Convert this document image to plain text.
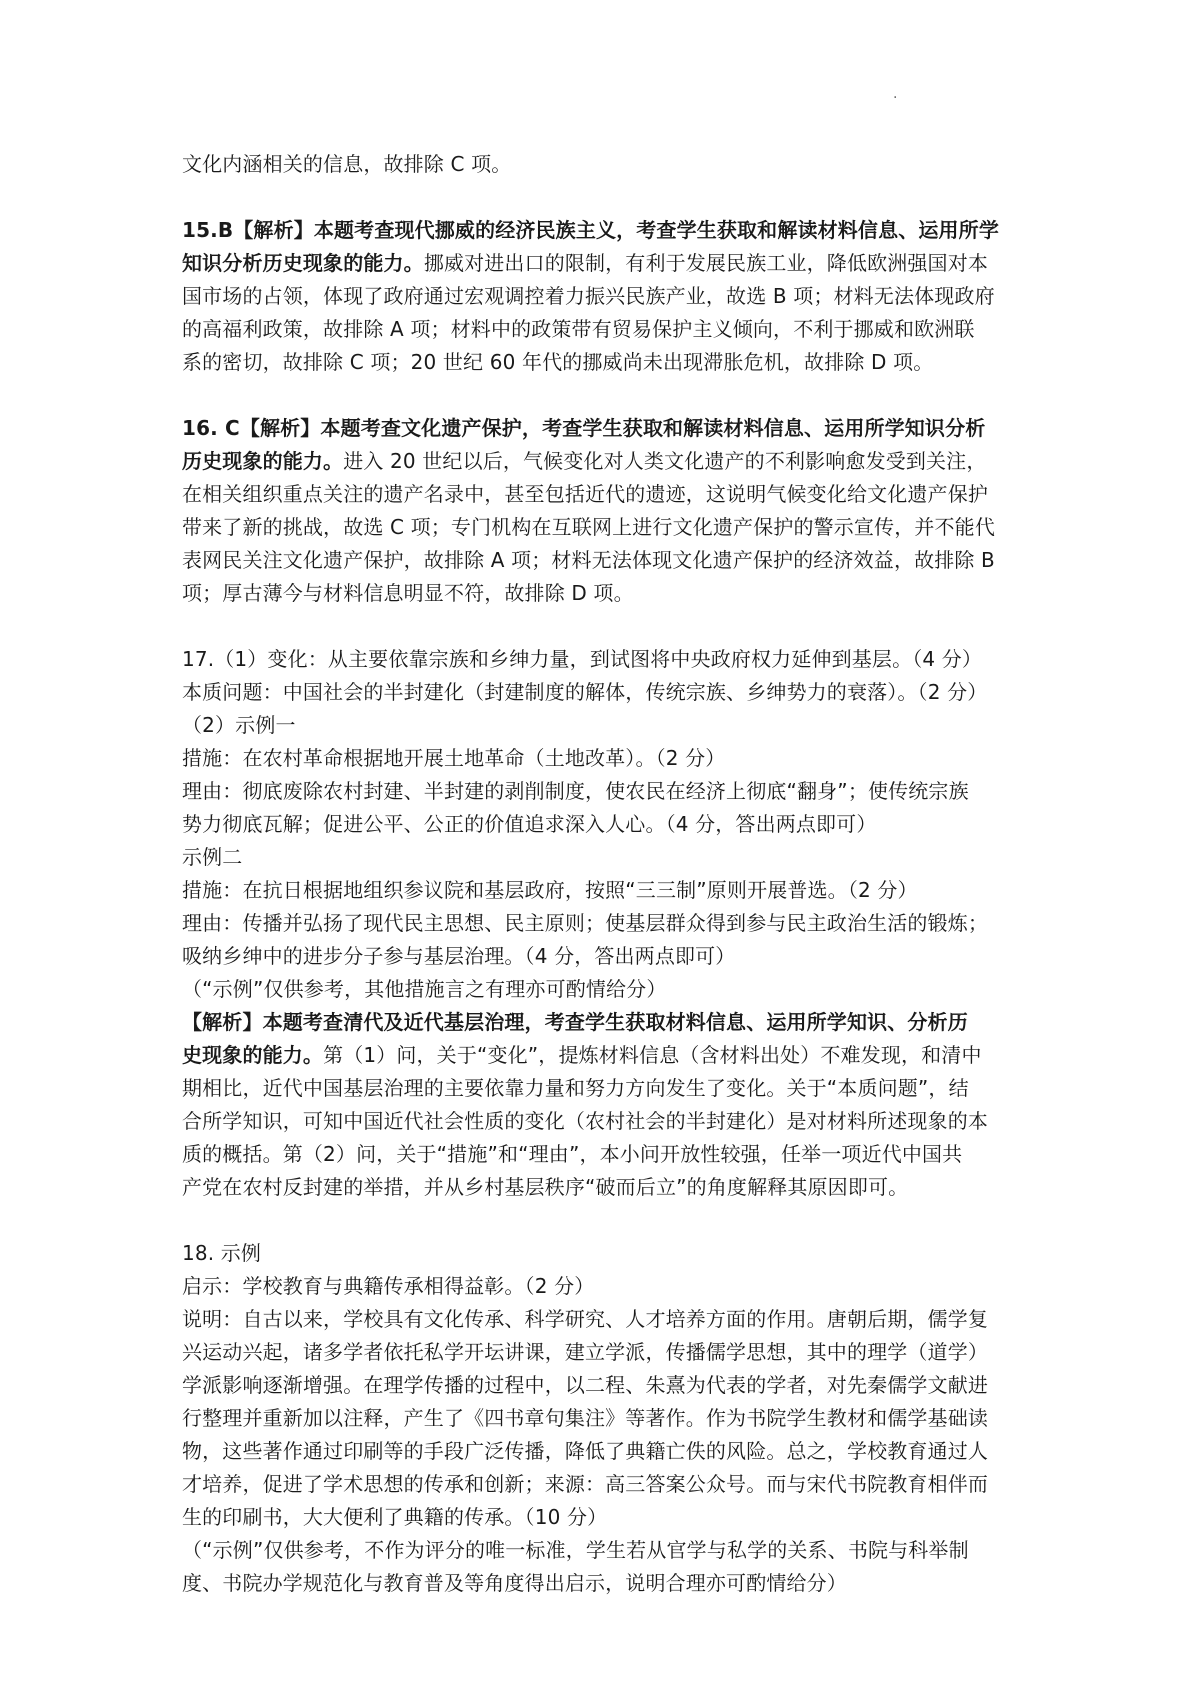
·
文化内涵相关的信息，故排除 C 项。
15.B【解析】本题考查现代挪威的经济民族主义，考查学生获取和解读材料信息、运用所学
知识分析历史现象的能力。挪威对进出口的限制，有利于发展民族工业，降低欧洲强国对本
国市场的占领，体现了政府通过宏观调控着力振兴民族产业，故选 B 项；材料无法体现政府
的高福利政策，故排除 A 项；材料中的政策带有贸易保护主义倾向，不利于挪威和欧洲联
系的密切，故排除 C 项；20 世纪 60 年代的挪威尚未出现滞胀危机，故排除 D 项。
16. C【解析】本题考查文化遗产保护，考查学生获取和解读材料信息、运用所学知识分析
历史现象的能力。进入 20 世纪以后，气候变化对人类文化遗产的不利影响愈发受到关注，
在相关组织重点关注的遗产名录中，甚至包括近代的遗迹，这说明气候变化给文化遗产保护
带来了新的挑战，故选 C 项；专门机构在互联网上进行文化遗产保护的警示宣传，并不能代
表网民关注文化遗产保护，故排除 A 项；材料无法体现文化遗产保护的经济效益，故排除 B
项；厚古薄今与材料信息明显不符，故排除 D 项。
17.（1）变化：从主要依靠宗族和乡绅力量，到试图将中央政府权力延伸到基层。（4 分）
本质问题：中国社会的半封建化（封建制度的解体，传统宗族、乡绅势力的衰落）。（2 分）
（2）示例一
措施：在农村革命根据地开展土地革命（土地改革）。（2 分）
理由：彻底废除农村封建、半封建的剥削制度，使农民在经济上彻底“翻身”；使传统宗族
势力彻底瓦解；促进公平、公正的价值追求深入人心。（4 分，答出两点即可）
示例二
措施：在抗日根据地组织参议院和基层政府，按照“三三制”原则开展普选。（2 分）
理由：传播并弘扬了现代民主思想、民主原则；使基层群众得到参与民主政治生活的锻炼；
吸纳乡绅中的进步分子参与基层治理。（4 分，答出两点即可）
（“示例”仅供参考，其他措施言之有理亦可酌情给分）
【解析】本题考查清代及近代基层治理，考查学生获取材料信息、运用所学知识、分析历
史现象的能力。第（1）问，关于“变化”，提炼材料信息（含材料出处）不难发现，和清中
期相比，近代中国基层治理的主要依靠力量和努力方向发生了变化。关于“本质问题”，结
合所学知识，可知中国近代社会性质的变化（农村社会的半封建化）是对材料所述现象的本
质的概括。第（2）问，关于“措施”和“理由”，本小问开放性较强，任举一项近代中国共
产党在农村反封建的举措，并从乡村基层秩序“破而后立”的角度解释其原因即可。
18. 示例
启示：学校教育与典籍传承相得益彰。（2 分）
说明：自古以来，学校具有文化传承、科学研究、人才培养方面的作用。唐朝后期，儒学复
兴运动兴起，诸多学者依托私学开坛讲课，建立学派，传播儒学思想，其中的理学（道学）
学派影响逐渐增强。在理学传播的过程中，以二程、朱熹为代表的学者，对先秦儒学文献进
行整理并重新加以注释，产生了《四书章句集注》等著作。作为书院学生教材和儒学基础读
物，这些著作通过印刷等的手段广泛传播，降低了典籍亡佚的风险。总之，学校教育通过人
才培养，促进了学术思想的传承和创新；来源：高三答案公众号。而与宋代书院教育相伴而
生的印刷书，大大便利了典籍的传承。（10 分）
（“示例”仅供参考，不作为评分的唯一标准，学生若从官学与私学的关系、书院与科举制
度、书院办学规范化与教育普及等角度得出启示，说明合理亦可酌情给分）
